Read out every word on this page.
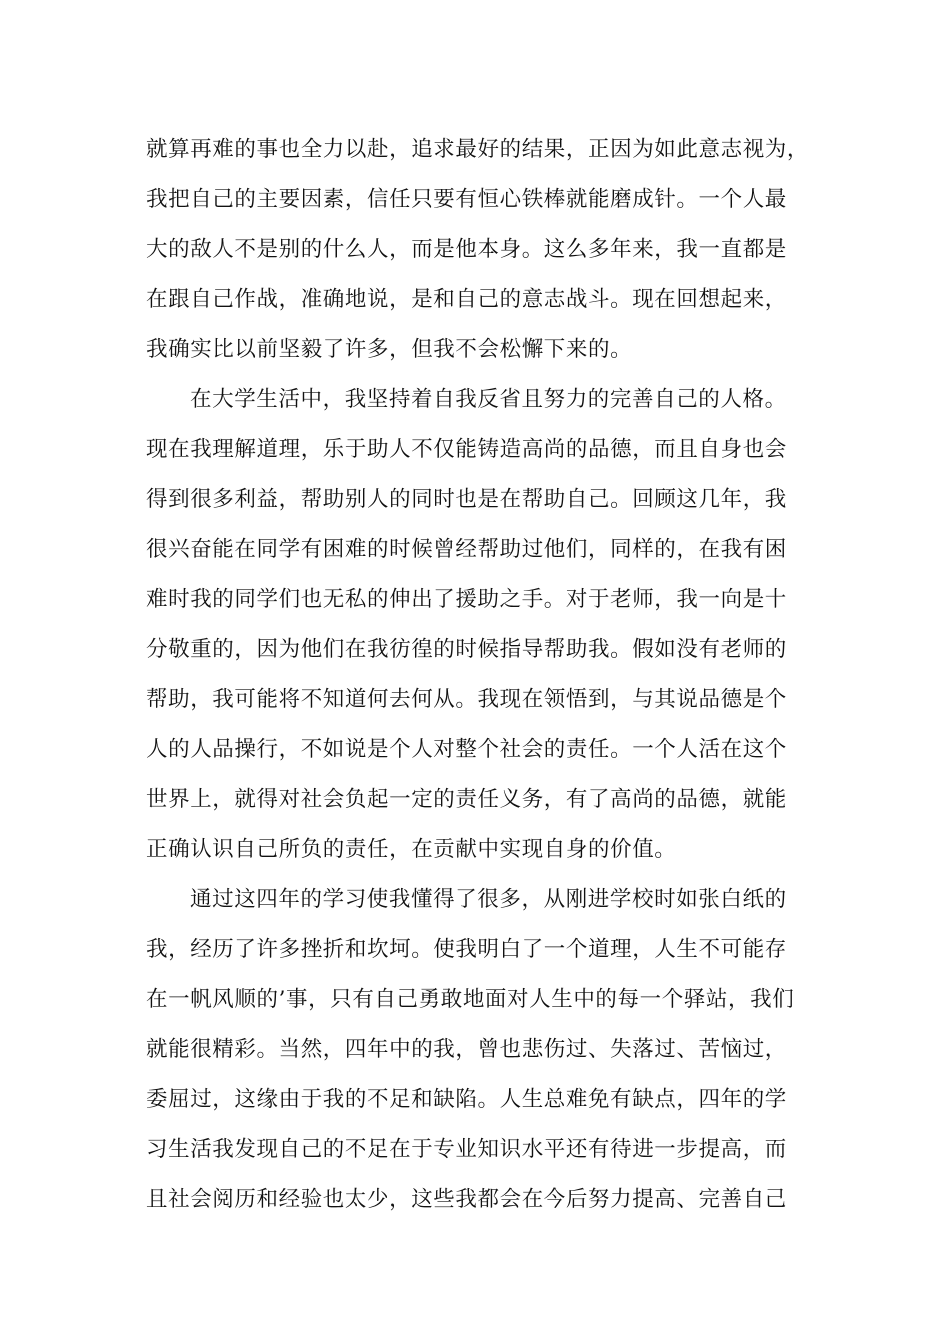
就算再难的事也全力以赴，追求最好的结果，正因为如此意志视为，
我把自己的主要因素，信任只要有恒心铁棒就能磨成针。一个人最
大的敌人不是别的什么人，而是他本身。这么多年来，我一直都是
在跟自己作战，准确地说，是和自己的意志战斗。现在回想起来，
我确实比以前坚毅了许多，但我不会松懈下来的。
在大学生活中，我坚持着自我反省且努力的完善自己的人格。
现在我理解道理，乐于助人不仅能铸造高尚的品德，而且自身也会
得到很多利益，帮助别人的同时也是在帮助自己。回顾这几年，我
很兴奋能在同学有困难的时候曾经帮助过他们，同样的，在我有困
难时我的同学们也无私的伸出了援助之手。对于老师，我一向是十
分敬重的，因为他们在我彷徨的时候指导帮助我。假如没有老师的
帮助，我可能将不知道何去何从。我现在领悟到，与其说品德是个
人的人品操行，不如说是个人对整个社会的责任。一个人活在这个
世界上，就得对社会负起一定的责任义务，有了高尚的品德，就能
正确认识自己所负的责任，在贡献中实现自身的价值。
通过这四年的学习使我懂得了很多，从刚进学校时如张白纸的
我，经历了许多挫折和坎坷。使我明白了一个道理，人生不可能存
在一帆风顺的’事，只有自己勇敢地面对人生中的每一个驿站，我们
就能很精彩。当然，四年中的我，曾也悲伤过、失落过、苦恼过，
委屈过，这缘由于我的不足和缺陷。人生总难免有缺点，四年的学
习生活我发现自己的不足在于专业知识水平还有待进一步提高，而
且社会阅历和经验也太少，这些我都会在今后努力提高、完善自己
